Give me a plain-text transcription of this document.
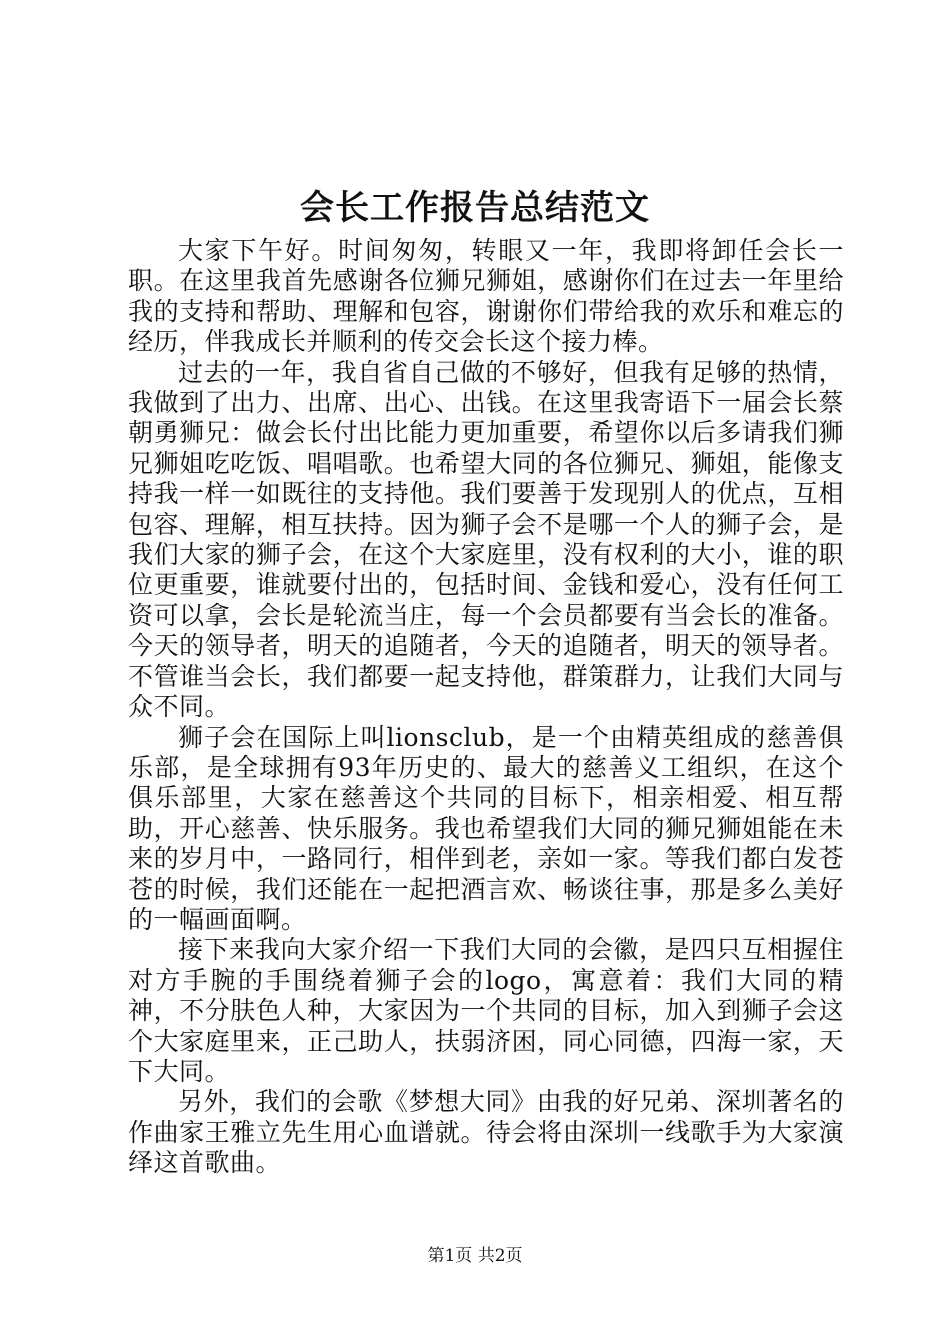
会长工作报告总结范文

大家下午好。时间匆匆，转眼又一年，我即将卸任会长一职。在这里我首先感谢各位狮兄狮姐，感谢你们在过去一年里给我的支持和帮助、理解和包容，谢谢你们带给我的欢乐和难忘的经历，伴我成长并顺利的传交会长这个接力棒。

过去的一年，我自省自己做的不够好，但我有足够的热情，我做到了出力、出席、出心、出钱。在这里我寄语下一届会长蔡朝勇狮兄：做会长付出比能力更加重要，希望你以后多请我们狮兄狮姐吃吃饭、唱唱歌。也希望大同的各位狮兄、狮姐，能像支持我一样一如既往的支持他。我们要善于发现别人的优点，互相包容、理解，相互扶持。因为狮子会不是哪一个人的狮子会，是我们大家的狮子会，在这个大家庭里，没有权利的大小，谁的职位更重要，谁就要付出的，包括时间、金钱和爱心，没有任何工资可以拿，会长是轮流当庄，每一个会员都要有当会长的准备。今天的领导者，明天的追随者，今天的追随者，明天的领导者。不管谁当会长，我们都要一起支持他，群策群力，让我们大同与众不同。

狮子会在国际上叫lionsclub，是一个由精英组成的慈善俱乐部，是全球拥有93年历史的、最大的慈善义工组织，在这个俱乐部里，大家在慈善这个共同的目标下，相亲相爱、相互帮助，开心慈善、快乐服务。我也希望我们大同的狮兄狮姐能在未来的岁月中，一路同行，相伴到老，亲如一家。等我们都白发苍苍的时候，我们还能在一起把酒言欢、畅谈往事，那是多么美好的一幅画面啊。

接下来我向大家介绍一下我们大同的会徽，是四只互相握住对方手腕的手围绕着狮子会的logo，寓意着：我们大同的精神，不分肤色人种，大家因为一个共同的目标，加入到狮子会这个大家庭里来，正己助人，扶弱济困，同心同德，四海一家，天下大同。

另外，我们的会歌《梦想大同》由我的好兄弟、深圳著名的作曲家王雅立先生用心血谱就。待会将由深圳一线歌手为大家演绎这首歌曲。

第1页 共2页
